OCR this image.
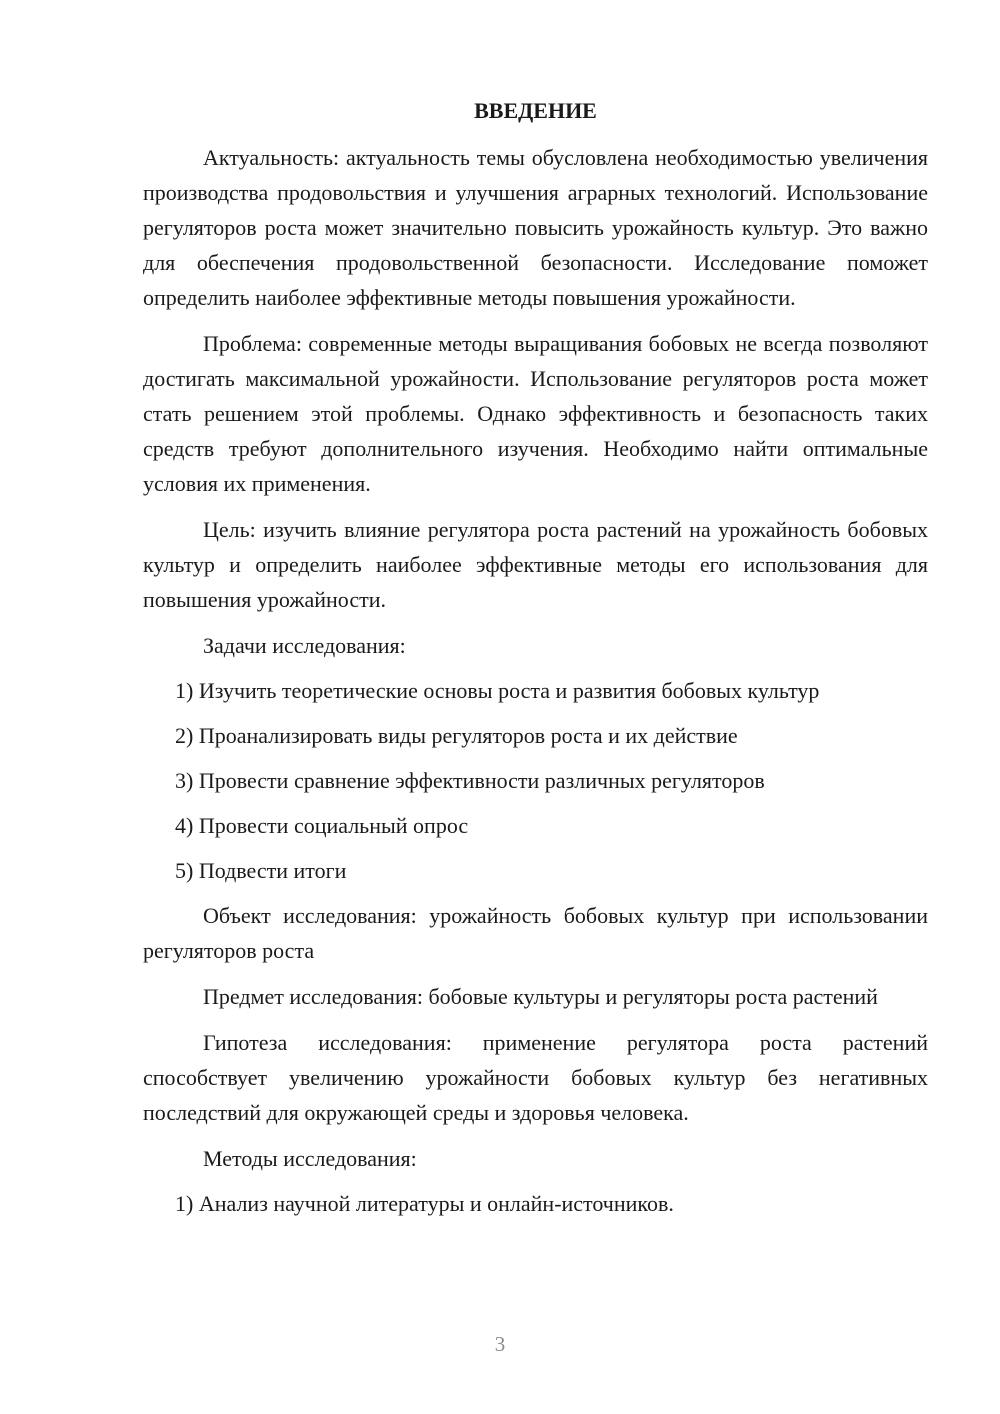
ВВЕДЕНИЕ

Актуальность: актуальность темы обусловлена необходимостью увеличения производства продовольствия и улучшения аграрных технологий. Использование регуляторов роста может значительно повысить урожайность культур. Это важно для обеспечения продовольственной безопасности. Исследование поможет определить наиболее эффективные методы повышения урожайности.

Проблема: современные методы выращивания бобовых не всегда позволяют достигать максимальной урожайности. Использование регуляторов роста может стать решением этой проблемы. Однако эффективность и безопасность таких средств требуют дополнительного изучения. Необходимо найти оптимальные условия их применения.

Цель: изучить влияние регулятора роста растений на урожайность бобовых культур и определить наиболее эффективные методы его использования для повышения урожайности.

Задачи исследования:

1) Изучить теоретические основы роста и развития бобовых культур

2) Проанализировать виды регуляторов роста и их действие

3) Провести сравнение эффективности различных регуляторов

4) Провести социальный опрос

5) Подвести итоги

Объект исследования: урожайность бобовых культур при использовании регуляторов роста

Предмет исследования: бобовые культуры и регуляторы роста растений

Гипотеза исследования: применение регулятора роста растений способствует увеличению урожайности бобовых культур без негативных последствий для окружающей среды и здоровья человека.

Методы исследования:

1) Анализ научной литературы и онлайн-источников.

3
